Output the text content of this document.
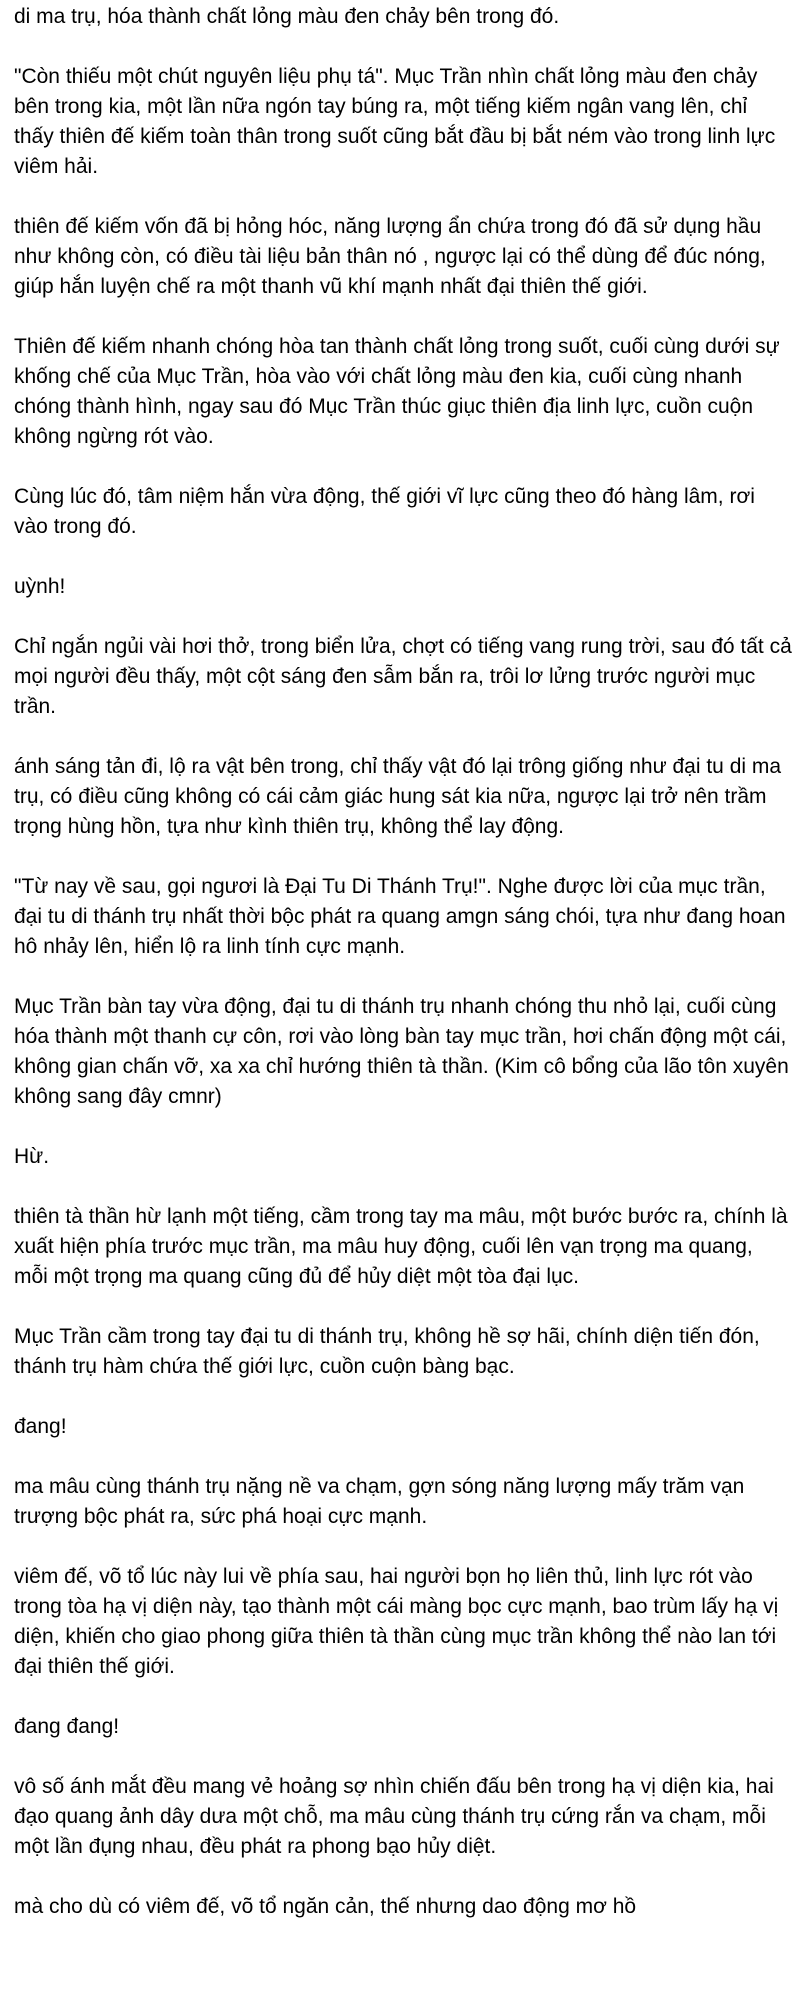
di ma trụ, hóa thành chất lỏng màu đen chảy bên trong đó.

"Còn thiếu một chút nguyên liệu phụ tá". Mục Trần nhìn chất lỏng màu đen chảy bên trong kia, một lần nữa ngón tay búng ra, một tiếng kiếm ngân vang lên, chỉ thấy thiên đế kiếm toàn thân trong suốt cũng bắt đầu bị bắt ném vào trong linh lực viêm hải.

thiên đế kiếm vốn đã bị hỏng hóc, năng lượng ẩn chứa trong đó đã sử dụng hầu như không còn, có điều tài liệu bản thân nó , ngược lại có thể dùng để đúc nóng, giúp hắn luyện chế ra một thanh vũ khí mạnh nhất đại thiên thế giới.

Thiên đế kiếm nhanh chóng hòa tan thành chất lỏng trong suốt, cuối cùng dưới sự khống chế của Mục Trần, hòa vào với chất lỏng màu đen kia, cuối cùng nhanh chóng thành hình, ngay sau đó Mục Trần thúc giục thiên địa linh lực, cuồn cuộn không ngừng rót vào.

Cùng lúc đó, tâm niệm hắn vừa động, thế giới vĩ lực cũng theo đó hàng lâm, rơi vào trong đó.

uỳnh!

Chỉ ngắn ngủi vài hơi thở, trong biển lửa, chợt có tiếng vang rung trời, sau đó tất cả mọi người đều thấy, một cột sáng đen sẫm bắn ra, trôi lơ lửng trước người mục trần.

ánh sáng tản đi, lộ ra vật bên trong, chỉ thấy vật đó lại trông giống như đại tu di ma trụ, có điều cũng không có cái cảm giác hung sát kia nữa, ngược lại trở nên trầm trọng hùng hồn, tựa như kình thiên trụ, không thể lay động.

"Từ nay về sau, gọi ngươi là Đại Tu Di Thánh Trụ!". Nghe được lời của mục trần, đại tu di thánh trụ nhất thời bộc phát ra quang amgn sáng chói, tựa như đang hoan hô nhảy lên, hiển lộ ra linh tính cực mạnh.

Mục Trần bàn tay vừa động, đại tu di thánh trụ nhanh chóng thu nhỏ lại, cuối cùng hóa thành một thanh cự côn, rơi vào lòng bàn tay mục trần, hơi chấn động một cái, không gian chấn vỡ, xa xa chỉ hướng thiên tà thần. (Kim cô bổng của lão tôn xuyên không sang đây cmnr)

Hừ.

thiên tà thần hừ lạnh một tiếng, cầm trong tay ma mâu, một bước bước ra, chính là xuất hiện phía trước mục trần, ma mâu huy động, cuối lên vạn trọng ma quang, mỗi một trọng ma quang cũng đủ để hủy diệt một tòa đại lục.

Mục Trần cầm trong tay đại tu di thánh trụ, không hề sợ hãi, chính diện tiến đón, thánh trụ hàm chứa thế giới lực, cuồn cuộn bàng bạc.

đang!

ma mâu cùng thánh trụ nặng nề va chạm, gợn sóng năng lượng mấy trăm vạn trượng bộc phát ra, sức phá hoại cực mạnh.

viêm đế, võ tổ lúc này lui về phía sau, hai người bọn họ liên thủ, linh lực rót vào trong tòa hạ vị diện này, tạo thành một cái màng bọc cực mạnh, bao trùm lấy hạ vị diện, khiến cho giao phong giữa thiên tà thần cùng mục trần không thể nào lan tới đại thiên thế giới.

đang đang!

vô số ánh mắt đều mang vẻ hoảng sợ nhìn chiến đấu bên trong hạ vị diện kia, hai đạo quang ảnh dây dưa một chỗ, ma mâu cùng thánh trụ cứng rắn va chạm, mỗi một lần đụng nhau, đều phát ra phong bạo hủy diệt.

mà cho dù có viêm đế, võ tổ ngăn cản, thế nhưng dao động mơ hồ
